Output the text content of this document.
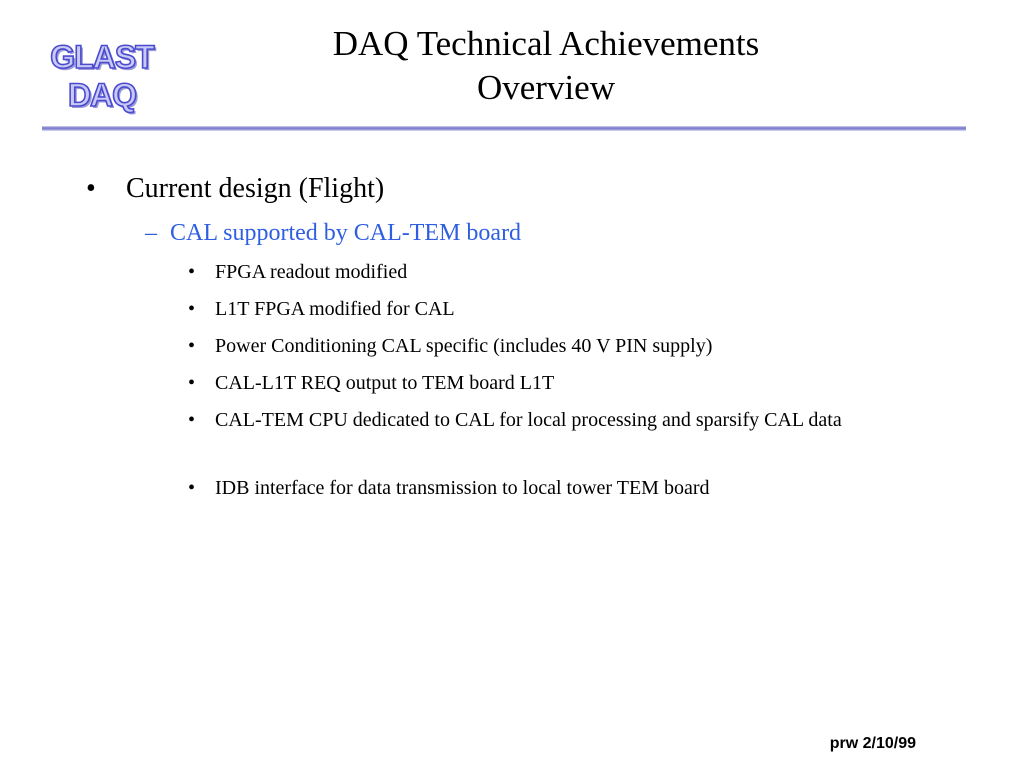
GLAST
DAQ
DAQ Technical Achievements
Overview
• Current design (Flight)
– CAL supported by CAL-TEM board
• FPGA readout modified
• L1T FPGA modified for CAL
• Power Conditioning CAL specific (includes 40 V PIN supply)
• CAL-L1T REQ output to TEM board L1T
• CAL-TEM CPU dedicated to CAL for local processing and sparsify CAL data
• IDB interface for data transmission to local tower TEM board
prw 2/10/99
